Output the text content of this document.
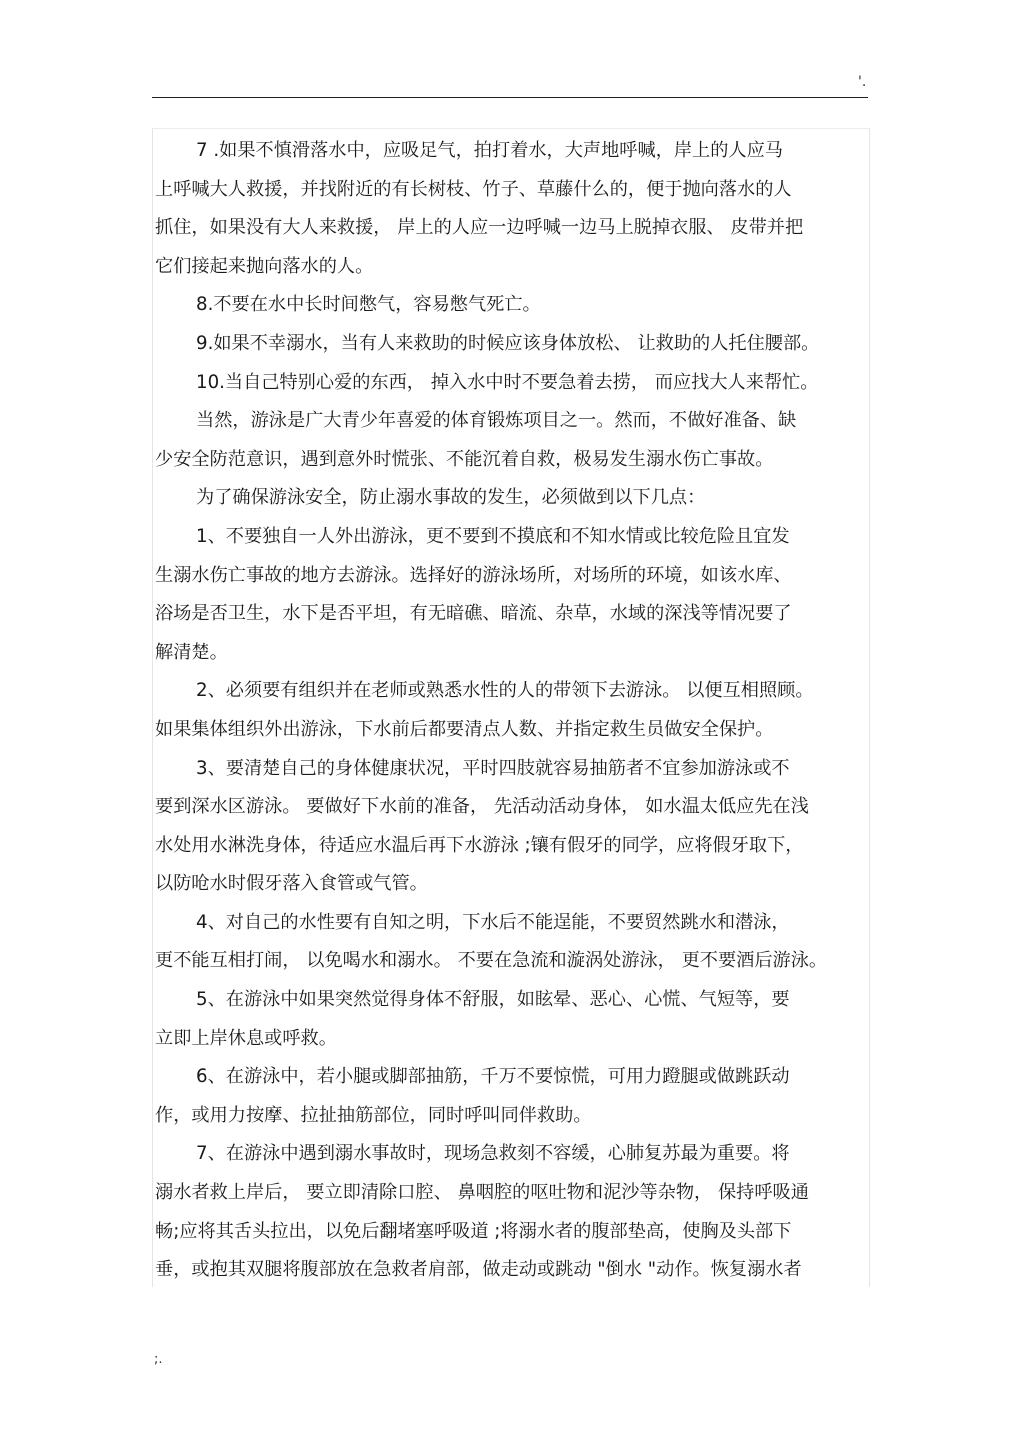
'.
7 .如果不慎滑落水中，应吸足气，拍打着水，大声地呼喊，岸上的人应马
上呼喊大人救援，并找附近的有长树枝、竹子、草藤什么的，便于抛向落水的人
抓住，如果没有大人来救援， 岸上的人应一边呼喊一边马上脱掉衣服、 皮带并把
它们接起来抛向落水的人。
8.不要在水中长时间憋气，容易憋气死亡。
9.如果不幸溺水，当有人来救助的时候应该身体放松、 让救助的人托住腰部。
10.当自己特别心爱的东西， 掉入水中时不要急着去捞， 而应找大人来帮忙。
当然，游泳是广大青少年喜爱的体育锻炼项目之一。然而，不做好准备、缺
少安全防范意识，遇到意外时慌张、不能沉着自救，极易发生溺水伤亡事故。
为了确保游泳安全，防止溺水事故的发生，必须做到以下几点：
1、不要独自一人外出游泳，更不要到不摸底和不知水情或比较危险且宜发
生溺水伤亡事故的地方去游泳。选择好的游泳场所，对场所的环境，如该水库、
浴场是否卫生，水下是否平坦，有无暗礁、暗流、杂草，水域的深浅等情况要了
解清楚。
2、必须要有组织并在老师或熟悉水性的人的带领下去游泳。 以便互相照顾。
如果集体组织外出游泳，下水前后都要清点人数、并指定救生员做安全保护。
3、要清楚自己的身体健康状况，平时四肢就容易抽筋者不宜参加游泳或不
要到深水区游泳。 要做好下水前的准备， 先活动活动身体， 如水温太低应先在浅
水处用水淋洗身体，待适应水温后再下水游泳 ;镶有假牙的同学，应将假牙取下，
以防呛水时假牙落入食管或气管。
4、对自己的水性要有自知之明，下水后不能逞能，不要贸然跳水和潜泳，
更不能互相打闹， 以免喝水和溺水。 不要在急流和漩涡处游泳， 更不要酒后游泳。
5、在游泳中如果突然觉得身体不舒服，如眩晕、恶心、心慌、气短等，要
立即上岸休息或呼救。
6、在游泳中，若小腿或脚部抽筋，千万不要惊慌，可用力蹬腿或做跳跃动
作，或用力按摩、拉扯抽筋部位，同时呼叫同伴救助。
7、在游泳中遇到溺水事故时，现场急救刻不容缓，心肺复苏最为重要。将
溺水者救上岸后， 要立即清除口腔、 鼻咽腔的呕吐物和泥沙等杂物， 保持呼吸通
畅;应将其舌头拉出，以免后翻堵塞呼吸道 ;将溺水者的腹部垫高，使胸及头部下
垂，或抱其双腿将腹部放在急救者肩部，做走动或跳动 "倒水 "动作。恢复溺水者
;.
